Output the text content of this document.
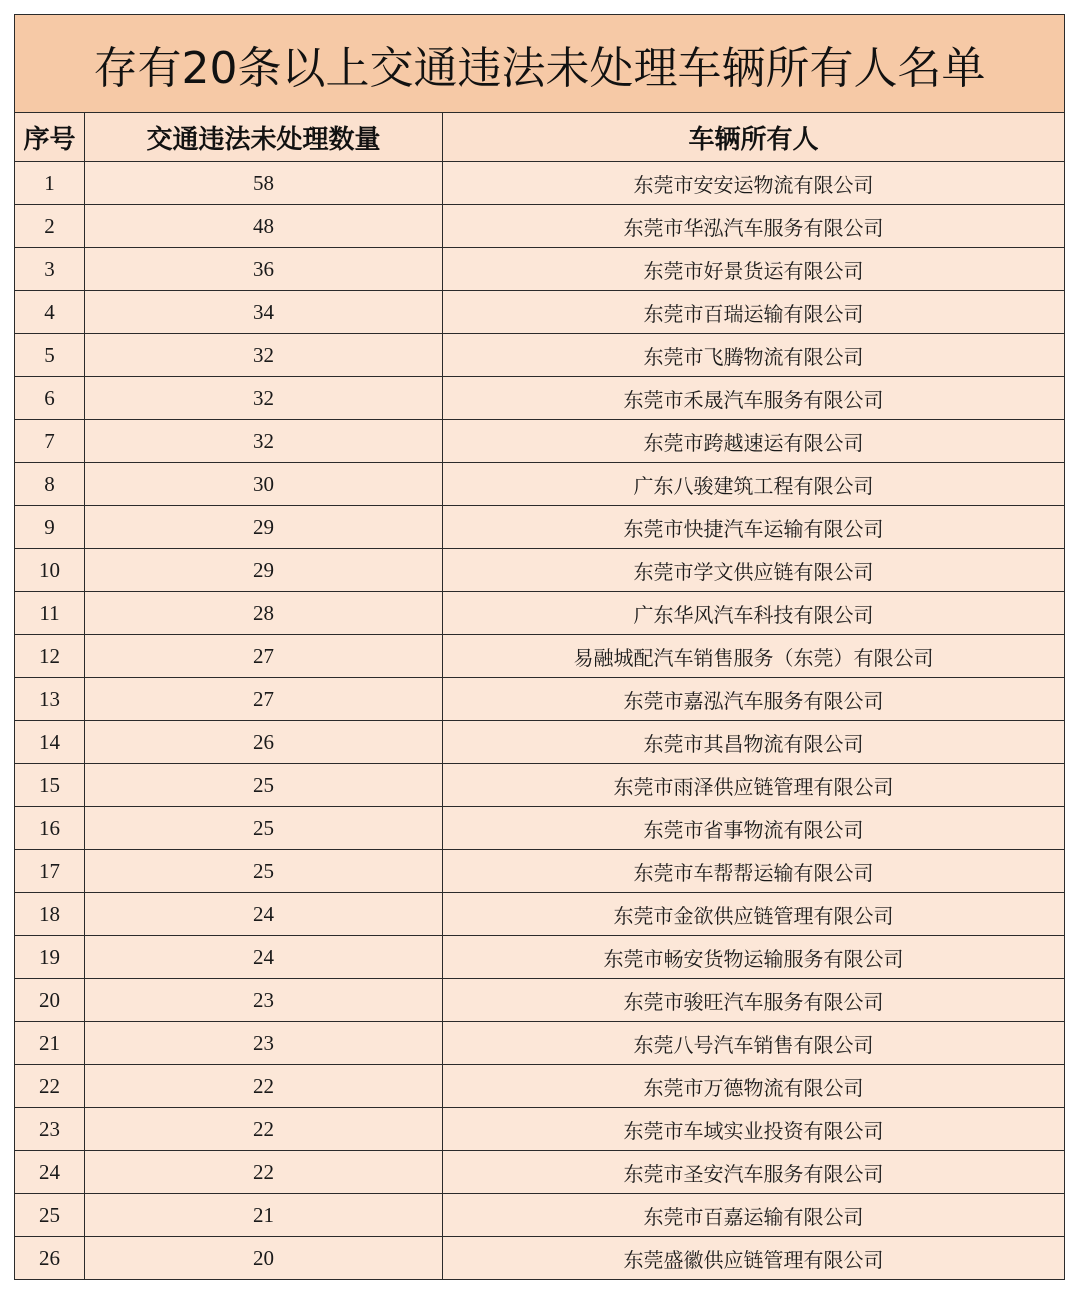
存有20条以上交通违法未处理车辆所有人名单		
序号	交通违法未处理数量	车辆所有人
1	58	东莞市安安运物流有限公司
2	48	东莞市华泓汽车服务有限公司
3	36	东莞市好景货运有限公司
4	34	东莞市百瑞运输有限公司
5	32	东莞市飞腾物流有限公司
6	32	东莞市禾晟汽车服务有限公司
7	32	东莞市跨越速运有限公司
8	30	广东八骏建筑工程有限公司
9	29	东莞市快捷汽车运输有限公司
10	29	东莞市学文供应链有限公司
11	28	广东华风汽车科技有限公司
12	27	易融城配汽车销售服务（东莞）有限公司
13	27	东莞市嘉泓汽车服务有限公司
14	26	东莞市其昌物流有限公司
15	25	东莞市雨泽供应链管理有限公司
16	25	东莞市省事物流有限公司
17	25	东莞市车帮帮运输有限公司
18	24	东莞市金欲供应链管理有限公司
19	24	东莞市畅安货物运输服务有限公司
20	23	东莞市骏旺汽车服务有限公司
21	23	东莞八号汽车销售有限公司
22	22	东莞市万德物流有限公司
23	22	东莞市车域实业投资有限公司
24	22	东莞市圣安汽车服务有限公司
25	21	东莞市百嘉运输有限公司
26	20	东莞盛徽供应链管理有限公司
